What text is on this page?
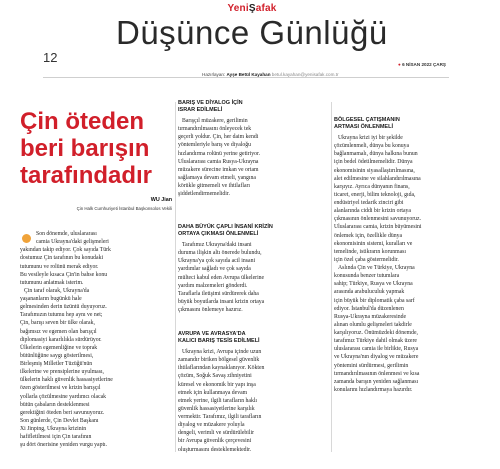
YeniŞafak
12
Düşünce Günlüğü
● 6 NİSAN 2022 ÇARŞ
Hazırlayan: Ayşe Betül Kayahan betul.kayahan@yenisafak.com.tr
Çin öteden
beri barışın
tarafındadır
WU Jian
Çin Halk Cumhuriyeti İstanbul Başkonsolos Vekili
Son dönemde, uluslararası
camia Ukrayna'daki gelişmeleri
yakından takip ediyor. Çok sayıda Türk
dostumuz Çin tarafının bu konudaki
tutumunu ve rolünü merak ediyor.
Bu vesileyle kısaca Çin'in bahse konu
tutumunu anlatmak isterim.
Çin taraf olarak, Ukrayna'da
yaşananların bugünkü hale
gelmesinden derin üzüntü duyuyoruz.
Tarafımızın tutumu hep aynı ve net;
Çin, barışı seven bir ülke olarak,
bağımsız ve egemen olan barışçıl
diplomasiyi kararlılıkla sürdürüyor.
Ülkelerin egemenliğine ve toprak
bütünlüğüne saygı gösterilmesi,
Birleşmiş Milletler Tüzüğü'nün
ilkelerine ve prensiplerine uyulması,
ülkelerin haklı güvenlik hassasiyetlerine
özen gösterilmesi ve krizin barışçıl
yollarla çözülmesine yardımcı olacak
bütün çabaların desteklenmesi
gerektiğini öteden beri savunuyoruz.
Son günlerde, Çin Devlet Başkanı
Xi Jinping, Ukrayna krizinin
hafifletilmesi için Çin tarafının
şu dört önerisine yeniden vurgu yaptı.
BARIŞ VE DİYALOG İÇİN
ISRAR EDİLMELİ
Barışçıl müzakere, gerilimin
tırmandırılmasını önleyecek tek
geçerli yoldur. Çin, her daim kendi
yöntemleriyle barış ve diyaloğu
hızlandırma rolünü yerine getiriyor.
Uluslararası camia Rusya-Ukrayna
müzakere sürecine imkan ve ortam
sağlamaya devam etmeli, yangına
körükle gitmemeli ve ihtilafları
şiddetlendirmemelidir.
DAHA BÜYÜK ÇAPLI İNSANİ KRİZİN
ORTAYA ÇIKMASI ÖNLENMELİ
Tarafımız Ukrayna'daki insani
duruma ilişkin altı önerede bulundu,
Ukrayna'ya çok sayıda acil insani
yardımlar sağladı ve çok sayıda
mülteci kabul eden Avrupa ülkelerine
yardım malzemeleri gönderdi.
Taraflarla iletişimi sürdürerek daha
büyük boyutlarda insani krizin ortaya
çıkmasını önlemeye hazırız.
AVRUPA VE AVRASYA'DA
KALICI BARIŞ TESİS EDİLMELİ
Ukrayna krizi, Avrupa içinde uzun
zamandır biriken bölgesel güvenlik
ihtilaflarından kaynaklanıyor. Kökten
çözüm, Soğuk Savaş zihniyetini
küresel ve ekonomik bir yapı inşa
etmek için kullanmaya devam
etmek yerine, ilgili tarafların haklı
güvenlik hassasiyetlerine karşılık
vermektir. Tarafımız, ilgili tarafların
diyalog ve müzakere yoluyla
dengeli, verimli ve sürdürülebilir
bir Avrupa güvenlik çerçevesini
oluşturmasını desteklemektedir.
BÖLGESEL ÇATIŞMANIN
ARTMASI ÖNLENMELİ
Ukrayna krizi iyi bir şekilde
çözümlenmeli, dünya bu konuya
bağlanmamalı, dünya halkına bunun
için bedel ödetilmemelidir. Dünya
ekonomisinin siyasallaştırılmasına,
alet edilmesine ve silahlandırılmasına
karşıyız. Ayrıca dünyanın finans,
ticaret, enerji, bilim teknoloji, gıda,
endüstriyel tedarik zinciri gibi
alanlarında ciddi bir krizin ortaya
çıkmasının önlenmesini savunuyoruz.
Uluslararası camia, krizin büyümesini
önlemek için, özellikle dünya
ekonomisinin sistemi, kuralları ve
temelinde, istikrarın korunması
için özel çaba göstermelidir.
Aslında Çin ve Türkiye, Ukrayna
konusunda benzer tutumlara
sahip; Türkiye, Rusya ve Ukrayna
arasında arabuluculuk yapmak
için büyük bir diplomatik çaba sarf
ediyor. İstanbul'da düzenlenen
Rusya-Ukrayna müzakeresinde
alınan olumlu gelişmeleri takdirle
karşılıyoruz. Önümüzdeki dönemde,
tarafımız Türkiye dahil olmak üzere
uluslararası camia ile birlikte, Rusya
ve Ukrayna'nın diyalog ve müzakere
yöntemini sürdürmesi, gerilimin
tırmandırılmasının önlenmesi ve kısa
zamanda barışın yeniden sağlanması
konularını hızlandırmaya hazırdır.
